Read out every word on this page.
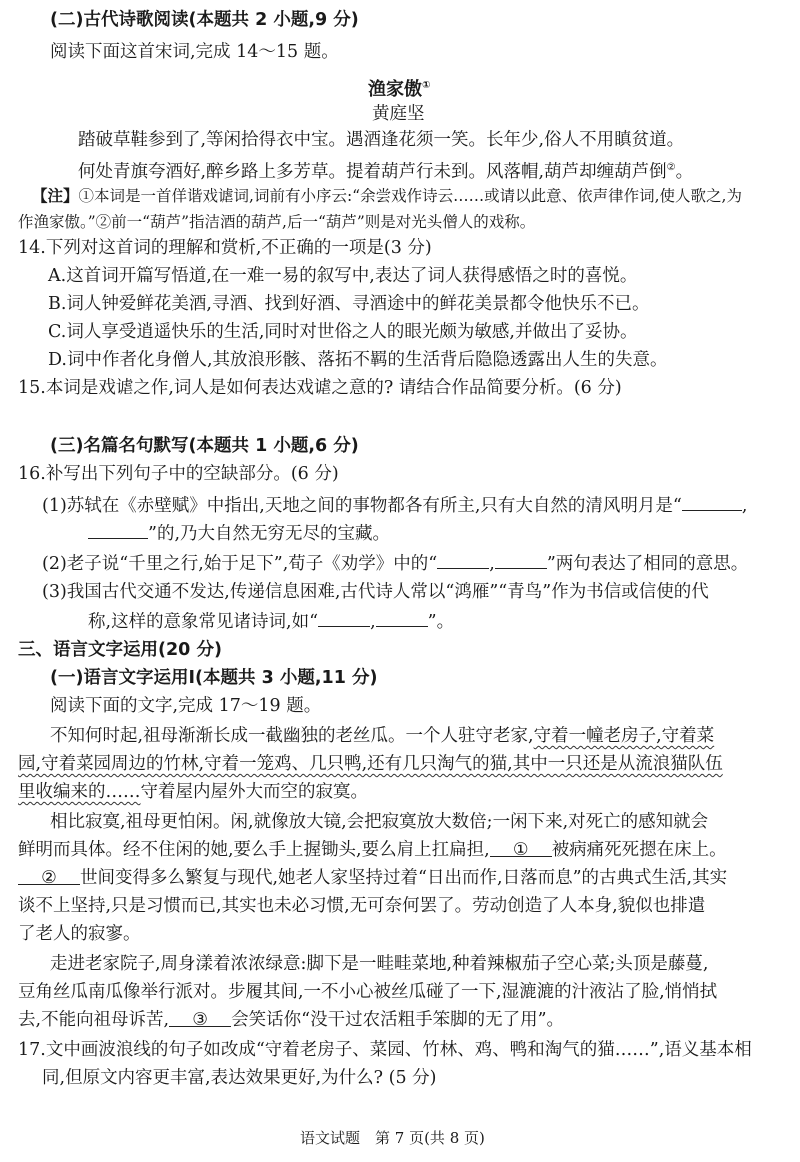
(二)古代诗歌阅读(本题共 2 小题,9 分)
阅读下面这首宋词,完成 14～15 题。
渔家傲①
黄庭坚
踏破草鞋参到了,等闲拾得衣中宝。遇酒逢花须一笑。长年少,俗人不用瞋贫道。
何处青旗夸酒好,醉乡路上多芳草。提着葫芦行未到。风落帽,葫芦却缠葫芦倒②。
【注】①本词是一首佯谐戏谑词,词前有小序云:“余尝戏作诗云……或请以此意、依声律作词,使人歌之,为
作渔家傲。”②前一“葫芦”指洁酒的葫芦,后一“葫芦”则是对光头僧人的戏称。
14.下列对这首词的理解和赏析,不正确的一项是(3 分)
A.这首词开篇写悟道,在一难一易的叙写中,表达了词人获得感悟之时的喜悦。
B.词人钟爱鲜花美酒,寻酒、找到好酒、寻酒途中的鲜花美景都令他快乐不已。
C.词人享受逍遥快乐的生活,同时对世俗之人的眼光颇为敏感,并做出了妥协。
D.词中作者化身僧人,其放浪形骸、落拓不羁的生活背后隐隐透露出人生的失意。
15.本词是戏谑之作,词人是如何表达戏谑之意的? 请结合作品简要分析。(6 分)
(三)名篇名句默写(本题共 1 小题,6 分)
16.补写出下列句子中的空缺部分。(6 分)
(1)苏轼在《赤壁赋》中指出,天地之间的事物都各有所主,只有大自然的清风明月是“	,
”的,乃大自然无穷无尽的宝藏。
(2)老子说“千里之行,始于足下”,荀子《劝学》中的“	,	”两句表达了相同的意思。
(3)我国古代交通不发达,传递信息困难,古代诗人常以“鸿雁”“青鸟”作为书信或信使的代
称,这样的意象常见诸诗词,如“	,	”。
三、语言文字运用(20 分)
(一)语言文字运用Ⅰ(本题共 3 小题,11 分)
阅读下面的文字,完成 17～19 题。
不知何时起,祖母渐渐长成一截幽独的老丝瓜。一个人驻守老家,守着一幢老房子,守着菜
园,守着菜园周边的竹林,守着一笼鸡、几只鸭,还有几只淘气的猫,其中一只还是从流浪猫队伍
里收编来的……守着屋内屋外大而空的寂寞。
相比寂寞,祖母更怕闲。闲,就像放大镜,会把寂寞放大数倍;一闲下来,对死亡的感知就会
鲜明而具体。经不住闲的她,要么手上握锄头,要么肩上扛扁担, ① 被病痛死死摁在床上。
② 世间变得多么繁复与现代,她老人家坚持过着“日出而作,日落而息”的古典式生活,其实
谈不上坚持,只是习惯而已,其实也未必习惯,无可奈何罢了。劳动创造了人本身,貌似也排遣
了老人的寂寥。
走进老家院子,周身漾着浓浓绿意:脚下是一畦畦菜地,种着辣椒茄子空心菜;头顶是藤蔓,
豆角丝瓜南瓜像举行派对。步履其间,一不小心被丝瓜碰了一下,湿漉漉的汁液沾了脸,悄悄拭
去,不能向祖母诉苦, ③ 会笑话你“没干过农活粗手笨脚的无了用”。
17.文中画波浪线的句子如改成“守着老房子、菜园、竹林、鸡、鸭和淘气的猫……”,语义基本相
同,但原文内容更丰富,表达效果更好,为什么? (5 分)
语文试题　第 7 页(共 8 页)
